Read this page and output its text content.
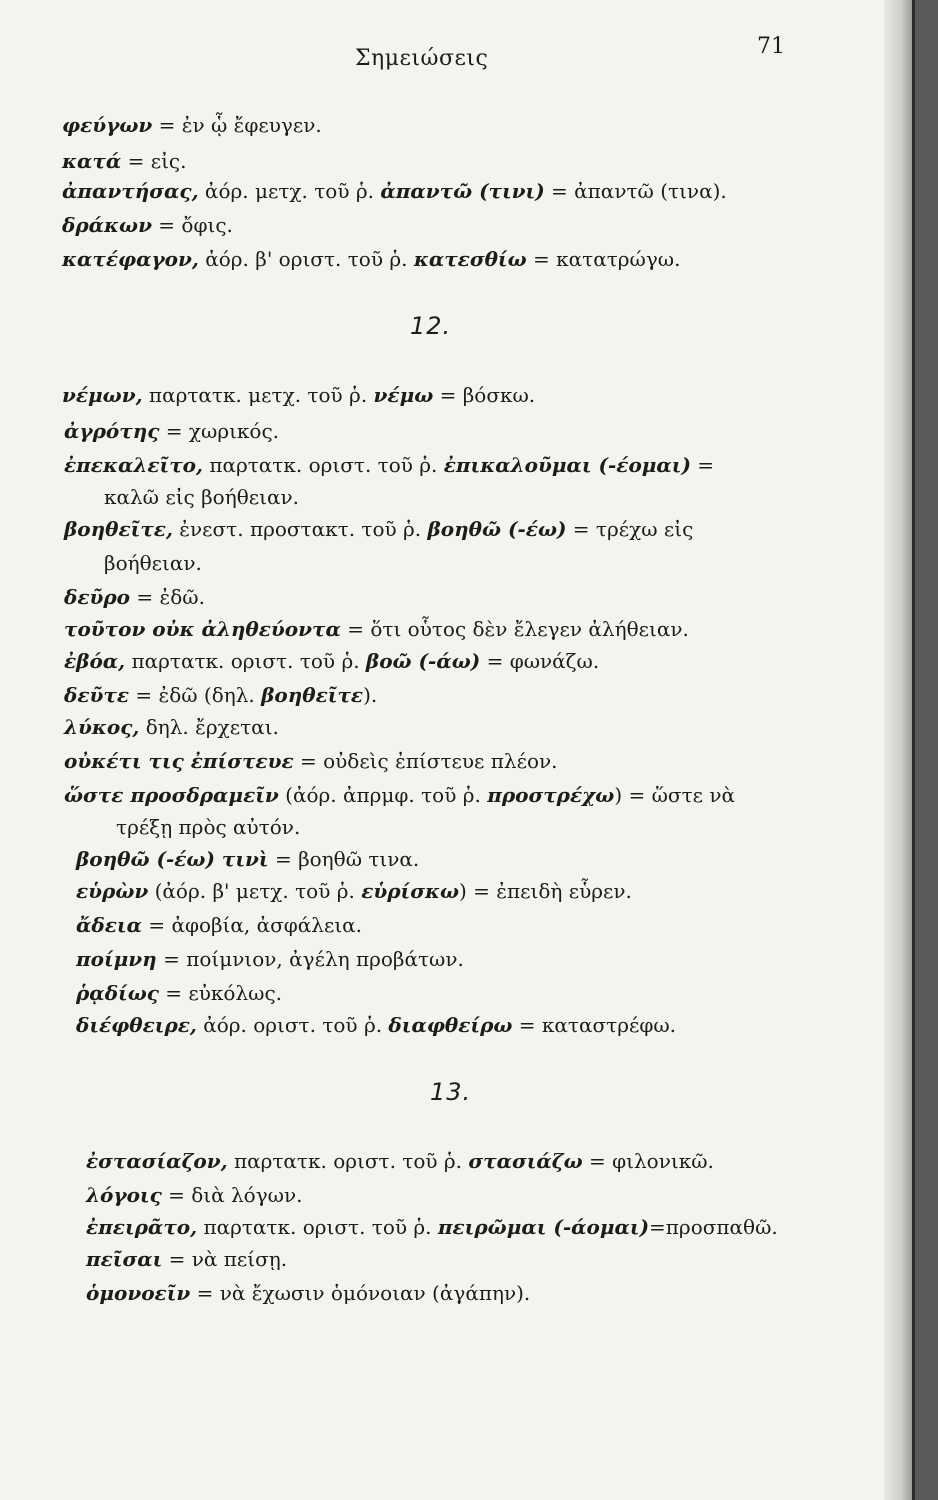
Σημειώσεις	71
12.
13.
φεύγων = ἐν ᾧ ἔφευγεν.
κατά = εἰς.
ἀπαντήσας, ἀόρ. μετχ. τοῦ ῥ. ἀπαντῶ (τινι) = ἀπαντῶ (τινα).
δράκων = ὄφις.
κατέφαγον, ἀόρ. β' οριστ. τοῦ ῥ. κατεσθίω = κατατρώγω.
νέμων, παρτατκ. μετχ. τοῦ ῥ. νέμω = βόσκω.
ἀγρότης = χωρικός.
ἐπεκαλεῖτο, παρτατκ. οριστ. τοῦ ῥ. ἐπικαλοῦμαι (-έομαι) =
καλῶ εἰς βοήθειαν.
βοηθεῖτε, ἐνεστ. προστακτ. τοῦ ῥ. βοηθῶ (-έω) = τρέχω εἰς
βοήθειαν.
δεῦρο = ἐδῶ.
τοῦτον οὐκ ἀληθεύοντα = ὅτι οὗτος δὲν ἔλεγεν ἀλήθειαν.
ἐβόα, παρτατκ. οριστ. τοῦ ῥ. βοῶ (-άω) = φωνάζω.
δεῦτε = ἐδῶ (δηλ. βοηθεῖτε).
λύκος, δηλ. ἔρχεται.
οὐκέτι τις ἐπίστευε = οὐδεὶς ἐπίστευε πλέον.
ὥστε προσδραμεῖν (ἀόρ. ἀπρμφ. τοῦ ῥ. προστρέχω) = ὥστε νὰ
τρέξῃ πρὸς αὐτόν.
βοηθῶ (-έω) τινὶ = βοηθῶ τινα.
εὑρὼν (ἀόρ. β' μετχ. τοῦ ῥ. εὑρίσκω) = ἐπειδὴ εὗρεν.
ἄδεια = ἀφοβία, ἀσφάλεια.
ποίμνη = ποίμνιον, ἀγέλη προβάτων.
ῥᾳδίως = εὐκόλως.
διέφθειρε, ἀόρ. οριστ. τοῦ ῥ. διαφθείρω = καταστρέφω.
ἐστασίαζον, παρτατκ. οριστ. τοῦ ῥ. στασιάζω = φιλονικῶ.
λόγοις = διὰ λόγων.
ἐπειρᾶτο, παρτατκ. οριστ. τοῦ ῥ. πειρῶμαι (-άομαι)=προσπαθῶ.
πεῖσαι = νὰ πείσῃ.
ὁμονοεῖν = νὰ ἔχωσιν ὁμόνοιαν (ἀγάπην).
